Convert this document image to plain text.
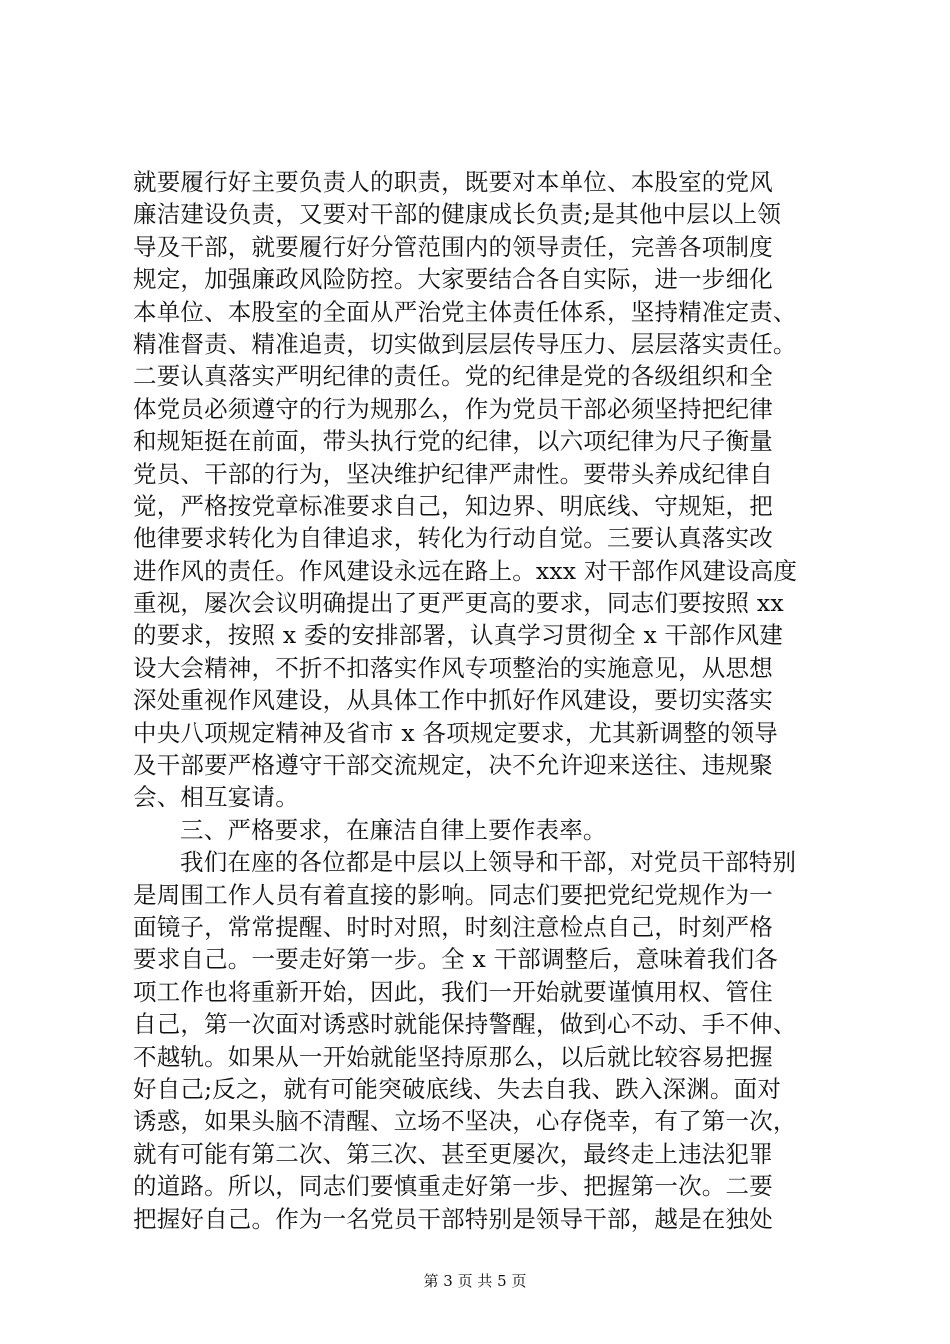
就要履行好主要负责人的职责，既要对本单位、本股室的党风
廉洁建设负责，又要对干部的健康成长负责;是其他中层以上领
导及干部，就要履行好分管范围内的领导责任，完善各项制度
规定，加强廉政风险防控。大家要结合各自实际，进一步细化
本单位、本股室的全面从严治党主体责任体系，坚持精准定责、
精准督责、精准追责，切实做到层层传导压力、层层落实责任。
二要认真落实严明纪律的责任。党的纪律是党的各级组织和全
体党员必须遵守的行为规那么，作为党员干部必须坚持把纪律
和规矩挺在前面，带头执行党的纪律，以六项纪律为尺子衡量
党员、干部的行为，坚决维护纪律严肃性。要带头养成纪律自
觉，严格按党章标准要求自己，知边界、明底线、守规矩，把
他律要求转化为自律追求，转化为行动自觉。三要认真落实改
进作风的责任。作风建设永远在路上。xxx 对干部作风建设高度
重视，屡次会议明确提出了更严更高的要求，同志们要按照 xx
的要求，按照 x 委的安排部署，认真学习贯彻全 x 干部作风建
设大会精神，不折不扣落实作风专项整治的实施意见，从思想
深处重视作风建设，从具体工作中抓好作风建设，要切实落实
中央八项规定精神及省市 x 各项规定要求，尤其新调整的领导
及干部要严格遵守干部交流规定，决不允许迎来送往、违规聚
会、相互宴请。
三、严格要求，在廉洁自律上要作表率。
我们在座的各位都是中层以上领导和干部，对党员干部特别
是周围工作人员有着直接的影响。同志们要把党纪党规作为一
面镜子，常常提醒、时时对照，时刻注意检点自己，时刻严格
要求自己。一要走好第一步。全 x 干部调整后，意味着我们各
项工作也将重新开始，因此，我们一开始就要谨慎用权、管住
自己，第一次面对诱惑时就能保持警醒，做到心不动、手不伸、
不越轨。如果从一开始就能坚持原那么，以后就比较容易把握
好自己;反之，就有可能突破底线、失去自我、跌入深渊。面对
诱惑，如果头脑不清醒、立场不坚决，心存侥幸，有了第一次，
就有可能有第二次、第三次、甚至更屡次，最终走上违法犯罪
的道路。所以，同志们要慎重走好第一步、把握第一次。二要
把握好自己。作为一名党员干部特别是领导干部，越是在独处
第 3 页 共 5 页
